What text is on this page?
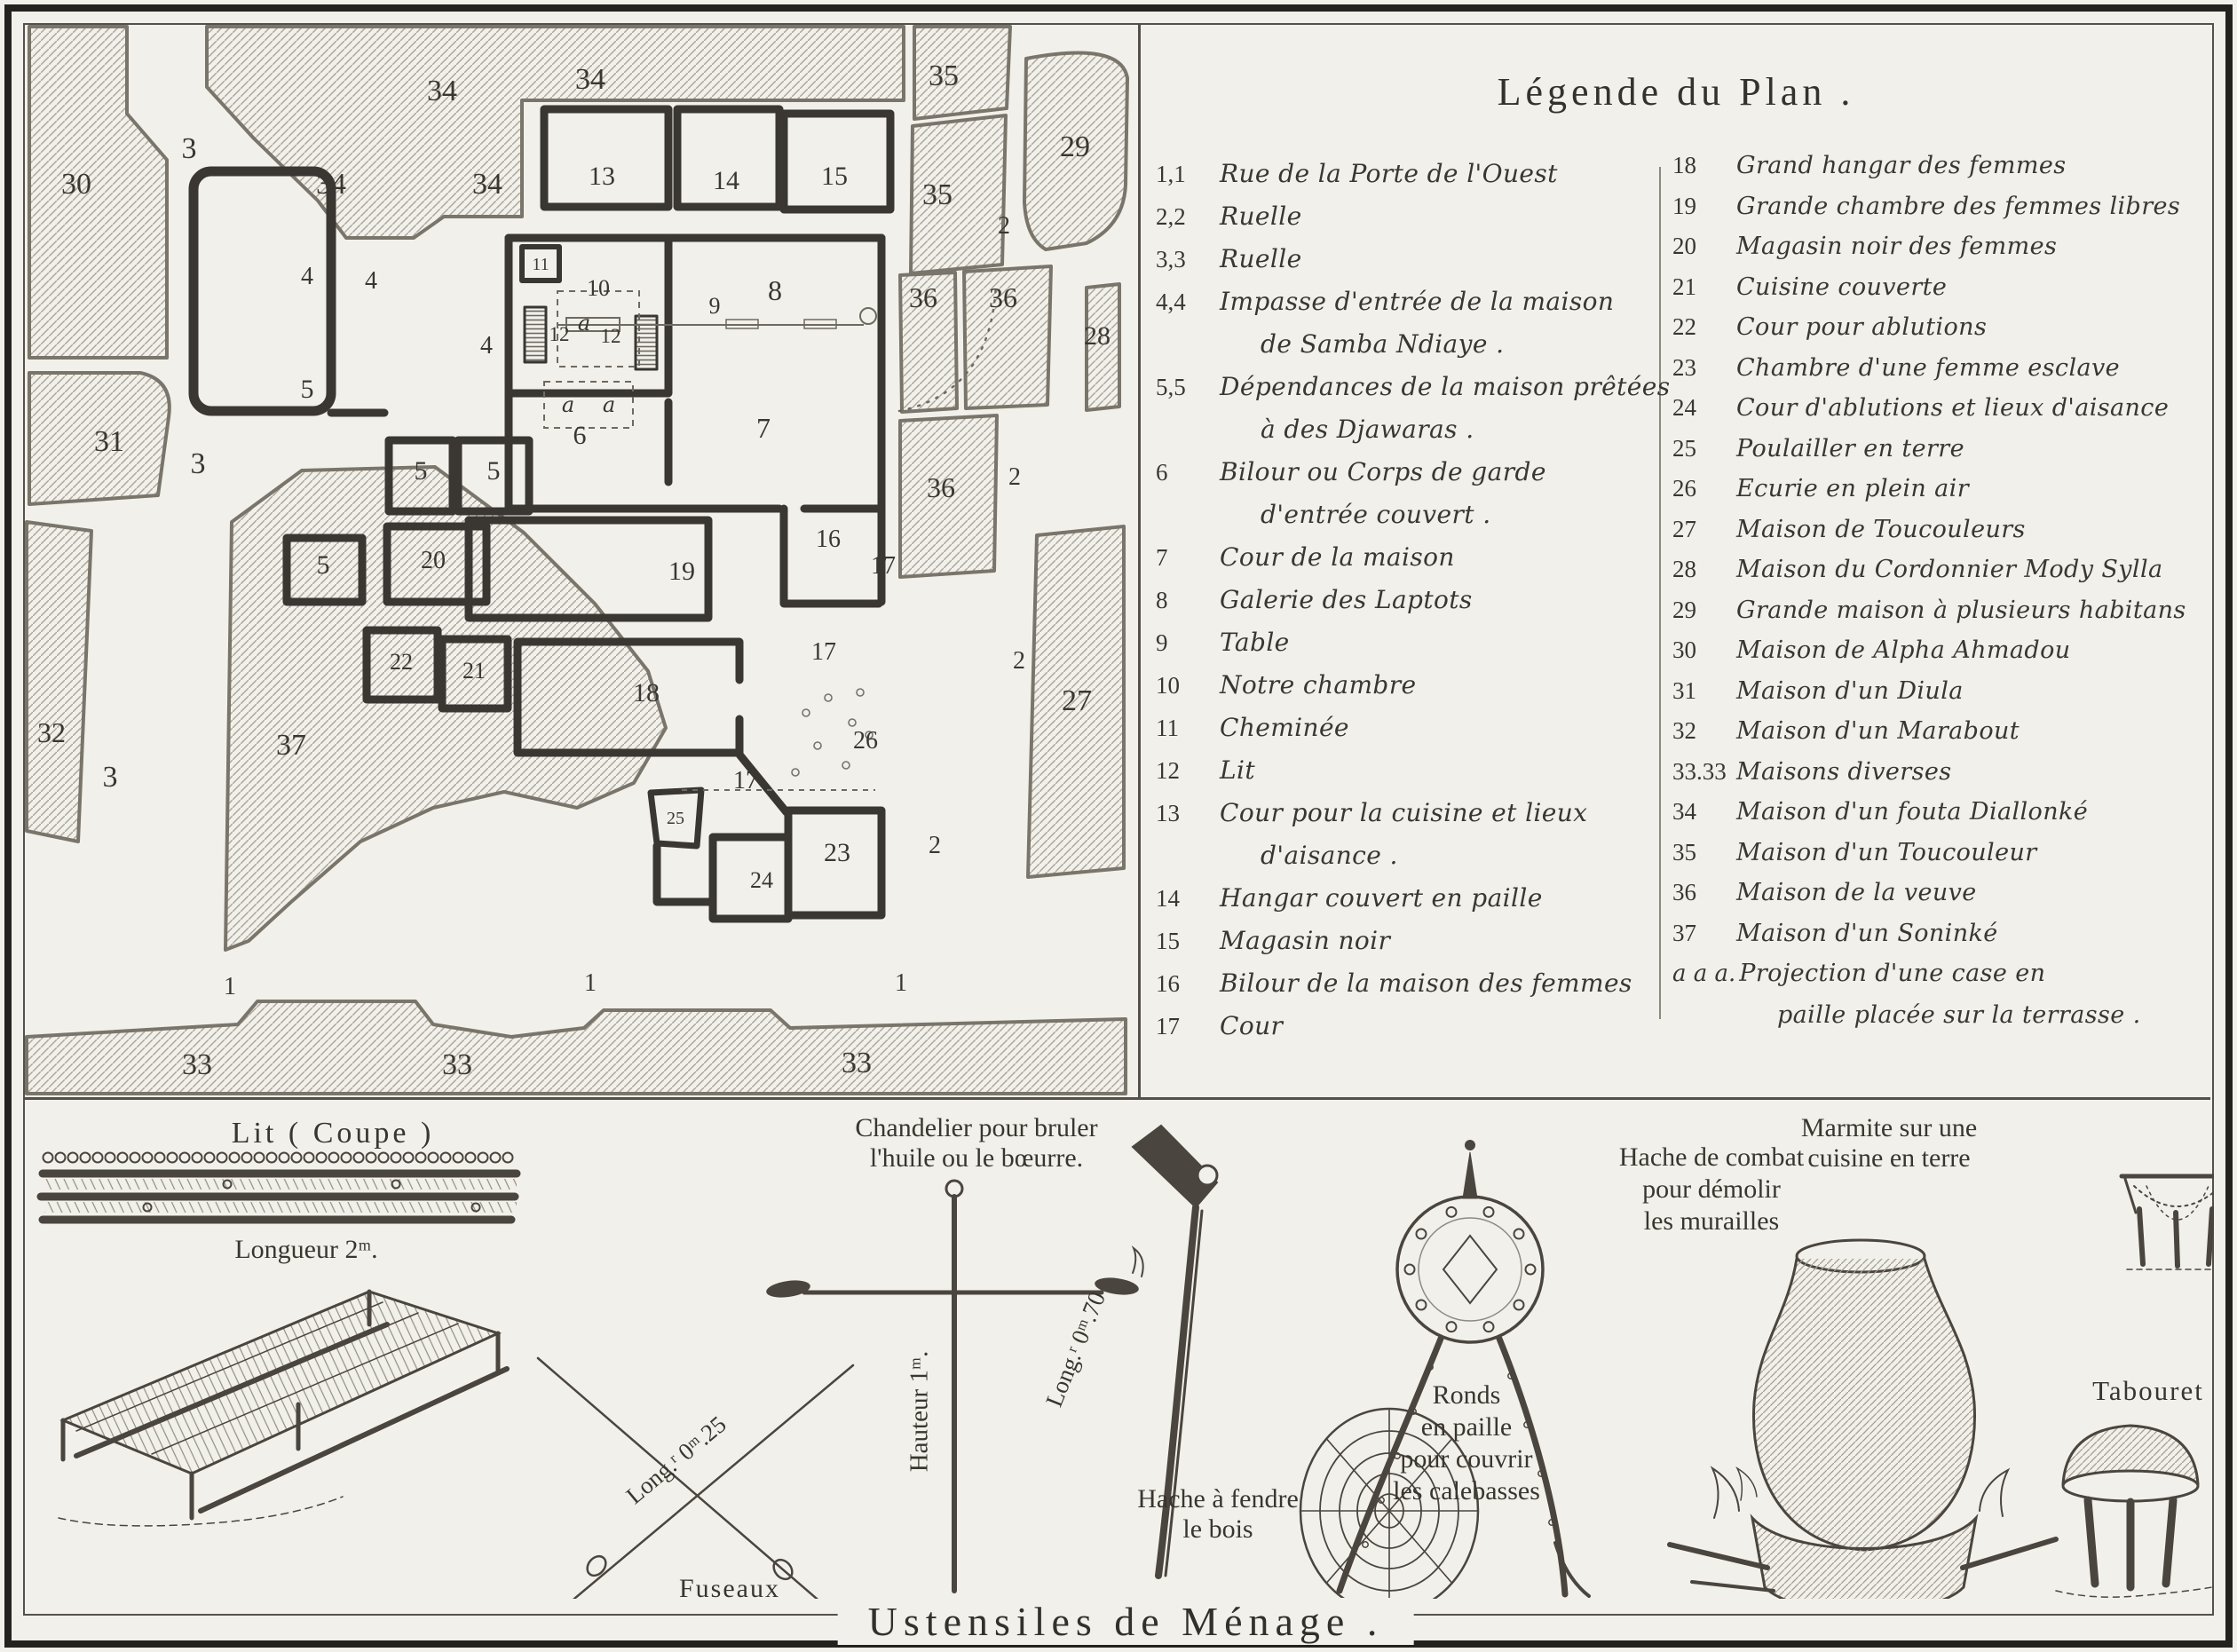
3
30	34
34	34
34
35
35
29
2
13	14	15
36 36
28
4 4
4
11
10	8
12 a
12
9
a a
6	7
36
3
31
5
5 5
16
19	17
2
5	20
3
32
22 21
18
17
26
27
37
17
25
23
2
2
24
1	1	1
33	33	33
Légende du Plan .
1,1	Rue de la Porte de l'Ouest
2,2	Ruelle
3,3	Ruelle
4,4	Impasse d'entrée de la maison
de Samba Ndiaye .
5,5	Dépendances de la maison prêtées
à des Djawaras .
6	Bilour ou Corps de garde
d'entrée couvert .
7	Cour de la maison
8	Galerie des Laptots
9	Table
10	Notre chambre
11	Cheminée
12	Lit
13	Cour pour la cuisine et lieux
d'aisance .
14	Hangar couvert en paille
15	Magasin noir
16	Bilour de la maison des femmes
17	Cour
18	Grand hangar des femmes
19	Grande chambre des femmes libres
20	Magasin noir des femmes
21	Cuisine couverte
22	Cour pour ablutions
23	Chambre d'une femme esclave
24	Cour d'ablutions et lieux d'aisance
25	Poulailler en terre
26	Ecurie en plein air
27	Maison de Toucouleurs
28	Maison du Cordonnier Mody Sylla
29	Grande maison à plusieurs habitans
30	Maison de Alpha Ahmadou
31	Maison d'un Diula
32	Maison d'un Marabout
33.33 Maisons diverses
34	Maison d'un fouta Diallonké
35	Maison d'un Toucouleur
36	Maison de la veuve
37	Maison d'un Soninké
a a a. Projection d'une case en
paille placée sur la terrasse .
Lit ( Coupe )
Longueur 2ᵐ.
Chandelier pour bruler
l'huile ou le bœurre.
Hauteur 1ᵐ.
Long.ʳ 0ᵐ.70
Hache à fendre
le bois
Hache de combat
pour démolir
les murailles
Ronds
en paille
pour couvrir
les calebasses
Marmite sur une
cuisine en terre
Tabouret
Fuseaux
Long.ʳ 0ᵐ.25
Ustensiles de Ménage .
